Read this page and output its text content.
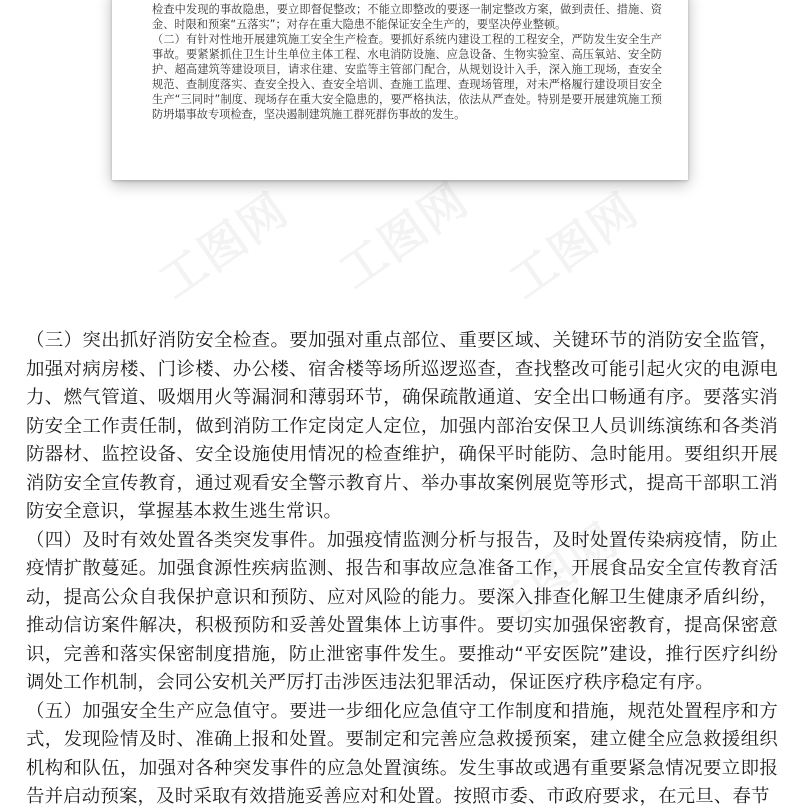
检查中发现的事故隐患，要立即督促整改；不能立即整改的要逐一制定整改方案，做到责任、措施、资金、时限和预案“五落实”；对存在重大隐患不能保证安全生产的，要坚决停业整顿。

（二）有针对性地开展建筑施工安全生产检查。要抓好系统内建设工程的工程安全，严防发生安全生产事故。要紧紧抓住卫生计生单位主体工程、水电消防设施、应急设备、生物实验室、高压氧站、安全防护、超高建筑等建设项目，请求住建、安监等主管部门配合，从规划设计入手，深入施工现场，查安全规范、查制度落实、查安全投入、查安全培训、查施工监理、查现场管理，对未严格履行建设项目安全生产“三同时”制度、现场存在重大安全隐患的，要严格执法，依法从严查处。特别是要开展建筑施工预防坍塌事故专项检查，坚决遏制建筑施工群死群伤事故的发生。

（三）突出抓好消防安全检查。要加强对重点部位、重要区域、关键环节的消防安全监管，加强对病房楼、门诊楼、办公楼、宿舍楼等场所巡逻巡查，查找整改可能引起火灾的电源电力、燃气管道、吸烟用火等漏洞和薄弱环节，确保疏散通道、安全出口畅通有序。要落实消防安全工作责任制，做到消防工作定岗定人定位，加强内部治安保卫人员训练演练和各类消防器材、监控设备、安全设施使用情况的检查维护，确保平时能防、急时能用。要组织开展消防安全宣传教育，通过观看安全警示教育片、举办事故案例展览等形式，提高干部职工消防安全意识，掌握基本救生逃生常识。

（四）及时有效处置各类突发事件。加强疫情监测分析与报告，及时处置传染病疫情，防止疫情扩散蔓延。加强食源性疾病监测、报告和事故应急准备工作，开展食品安全宣传教育活动，提高公众自我保护意识和预防、应对风险的能力。要深入排查化解卫生健康矛盾纠纷，推动信访案件解决，积极预防和妥善处置集体上访事件。要切实加强保密教育，提高保密意识，完善和落实保密制度措施，防止泄密事件发生。要推动“平安医院”建设，推行医疗纠纷调处工作机制，会同公安机关严厉打击涉医违法犯罪活动，保证医疗秩序稳定有序。

（五）加强安全生产应急值守。要进一步细化应急值守工作制度和措施，规范处置程序和方式，发现险情及时、准确上报和处置。要制定和完善应急救援预案，建立健全应急救援组织机构和队伍，加强对各种突发事件的应急处置演练。发生事故或遇有重要紧急情况要立即报告并启动预案，及时采取有效措施妥善应对和处置。按照市委、市政府要求，在元旦、春节
